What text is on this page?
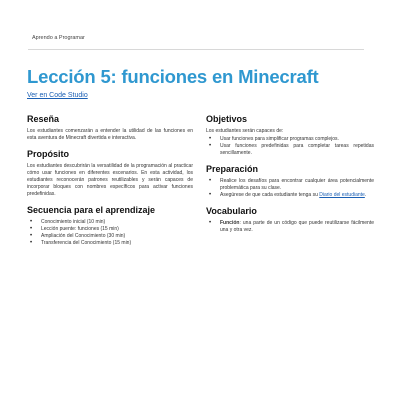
Aprendo a Programar
Lección 5: funciones en Minecraft
Ver en Code Studio
Reseña

Los estudiantes comenzarán a entender la utilidad de las funciones en esta aventura de Minecraft divertida e interactiva.

Propósito

Los estudiantes descubrirán la versatilidad de la programación al practicar cómo usar funciones en diferentes escenarios. En esta actividad, los estudiantes reconocerán patrones reutilizables y serán capaces de incorporar bloques con nombres específicos para activar funciones predefinidas.

Secuencia para el aprendizaje
• Conocimiento inicial (10 min)
• Lección puente: funciones (15 min)
• Ampliación del Conocimiento (30 min)
• Transferencia del Conocimiento (15 min)
Objetivos

Los estudiantes serán capaces de:

• Usar funciones para simplificar programas complejos.
• Usar funciones predefinidas para completar tareas repetidas sencillamente.
Preparación
• Realice los desafíos para encontrar cualquier área potencialmente problemática para su clase.
• Asegúrese de que cada estudiante tenga su Diario del estudiante.
Vocabulario
• Función: una parte de un código que puede reutilizarse fácilmente una y otra vez.
